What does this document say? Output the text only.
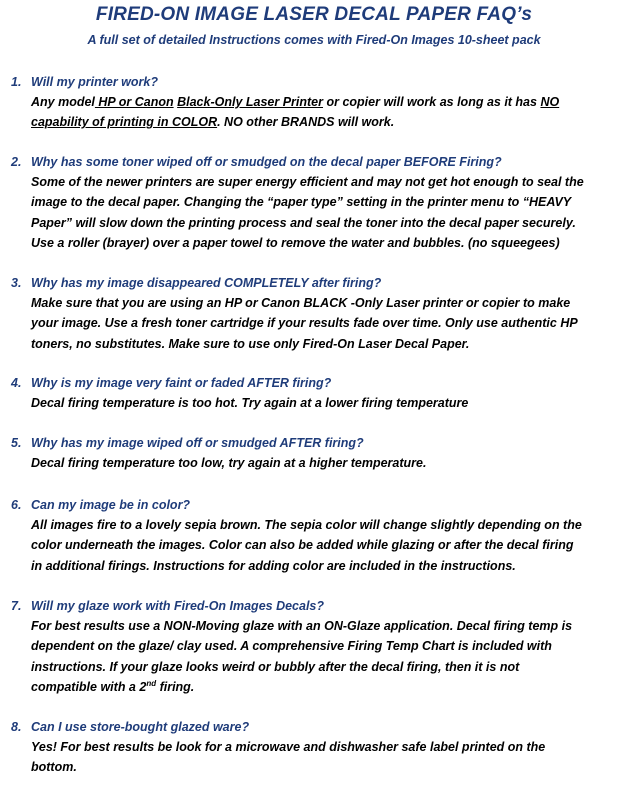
FIRED-ON IMAGE LASER DECAL PAPER FAQ’s
A full set of detailed Instructions comes with Fired-On Images 10-sheet pack
1. Will my printer work?
Any model HP or Canon Black-Only Laser Printer or copier will work as long as it has NO
capability of printing in COLOR. NO other BRANDS will work.
2. Why has some toner wiped off or smudged on the decal paper BEFORE Firing?
Some of the newer printers are super energy efficient and may not get hot enough to seal the
image to the decal paper. Changing the “paper type” setting in the printer menu to “HEAVY
Paper” will slow down the printing process and seal the toner into the decal paper securely.
Use a roller (brayer) over a paper towel to remove the water and bubbles. (no squeegees)
3. Why has my image disappeared COMPLETELY after firing?
Make sure that you are using an HP or Canon BLACK -Only Laser printer or copier to make
your image. Use a fresh toner cartridge if your results fade over time. Only use authentic HP
toners, no substitutes. Make sure to use only Fired-On Laser Decal Paper.
4. Why is my image very faint or faded AFTER firing?
Decal firing temperature is too hot. Try again at a lower firing temperature
5. Why has my image wiped off or smudged AFTER firing?
Decal firing temperature too low, try again at a higher temperature.
6. Can my image be in color?
All images fire to a lovely sepia brown. The sepia color will change slightly depending on the
color underneath the images. Color can also be added while glazing or after the decal firing
in additional firings. Instructions for adding color are included in the instructions.
7. Will my glaze work with Fired-On Images Decals?
For best results use a NON-Moving glaze with an ON-Glaze application. Decal firing temp is
dependent on the glaze/ clay used. A comprehensive Firing Temp Chart is included with
instructions. If your glaze looks weird or bubbly after the decal firing, then it is not
compatible with a 2nd firing.
8. Can I use store-bought glazed ware?
Yes! For best results be look for a microwave and dishwasher safe label printed on the
bottom.
